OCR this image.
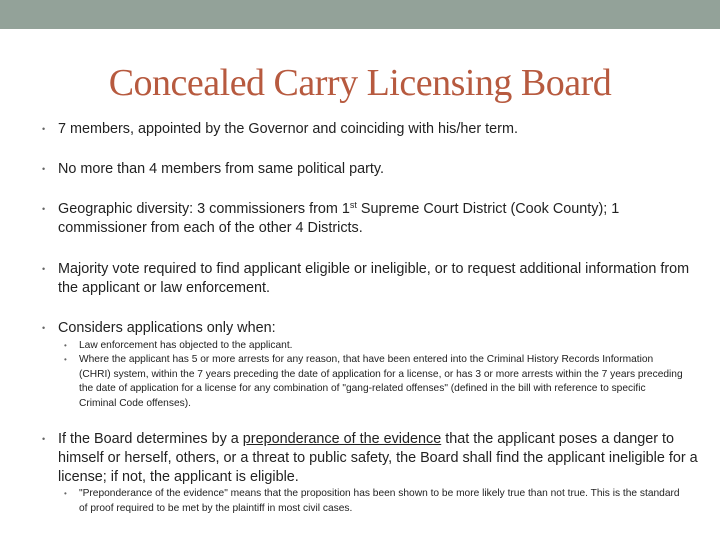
Concealed Carry Licensing Board
• 7 members, appointed by the Governor and coinciding with his/her term.
• No more than 4 members from same political party.
• Geographic diversity: 3 commissioners from 1st Supreme Court District (Cook County); 1 commissioner from each of the other 4 Districts.
• Majority vote required to find applicant eligible or ineligible, or to request additional information from the applicant or law enforcement.
• Considers applications only when:
• Law enforcement has objected to the applicant.
• Where the applicant has 5 or more arrests for any reason, that have been entered into the Criminal History Records Information (CHRI) system, within the 7 years preceding the date of application for a license, or has 3 or more arrests within the 7 years preceding the date of application for a license for any combination of "gang-related offenses" (defined in the bill with reference to specific Criminal Code offenses).
• If the Board determines by a preponderance of the evidence that the applicant poses a danger to himself or herself, others, or a threat to public safety, the Board shall find the applicant ineligible for a license; if not, the applicant is eligible.
• "Preponderance of the evidence" means that the proposition has been shown to be more likely true than not true. This is the standard of proof required to be met by the plaintiff in most civil cases.
